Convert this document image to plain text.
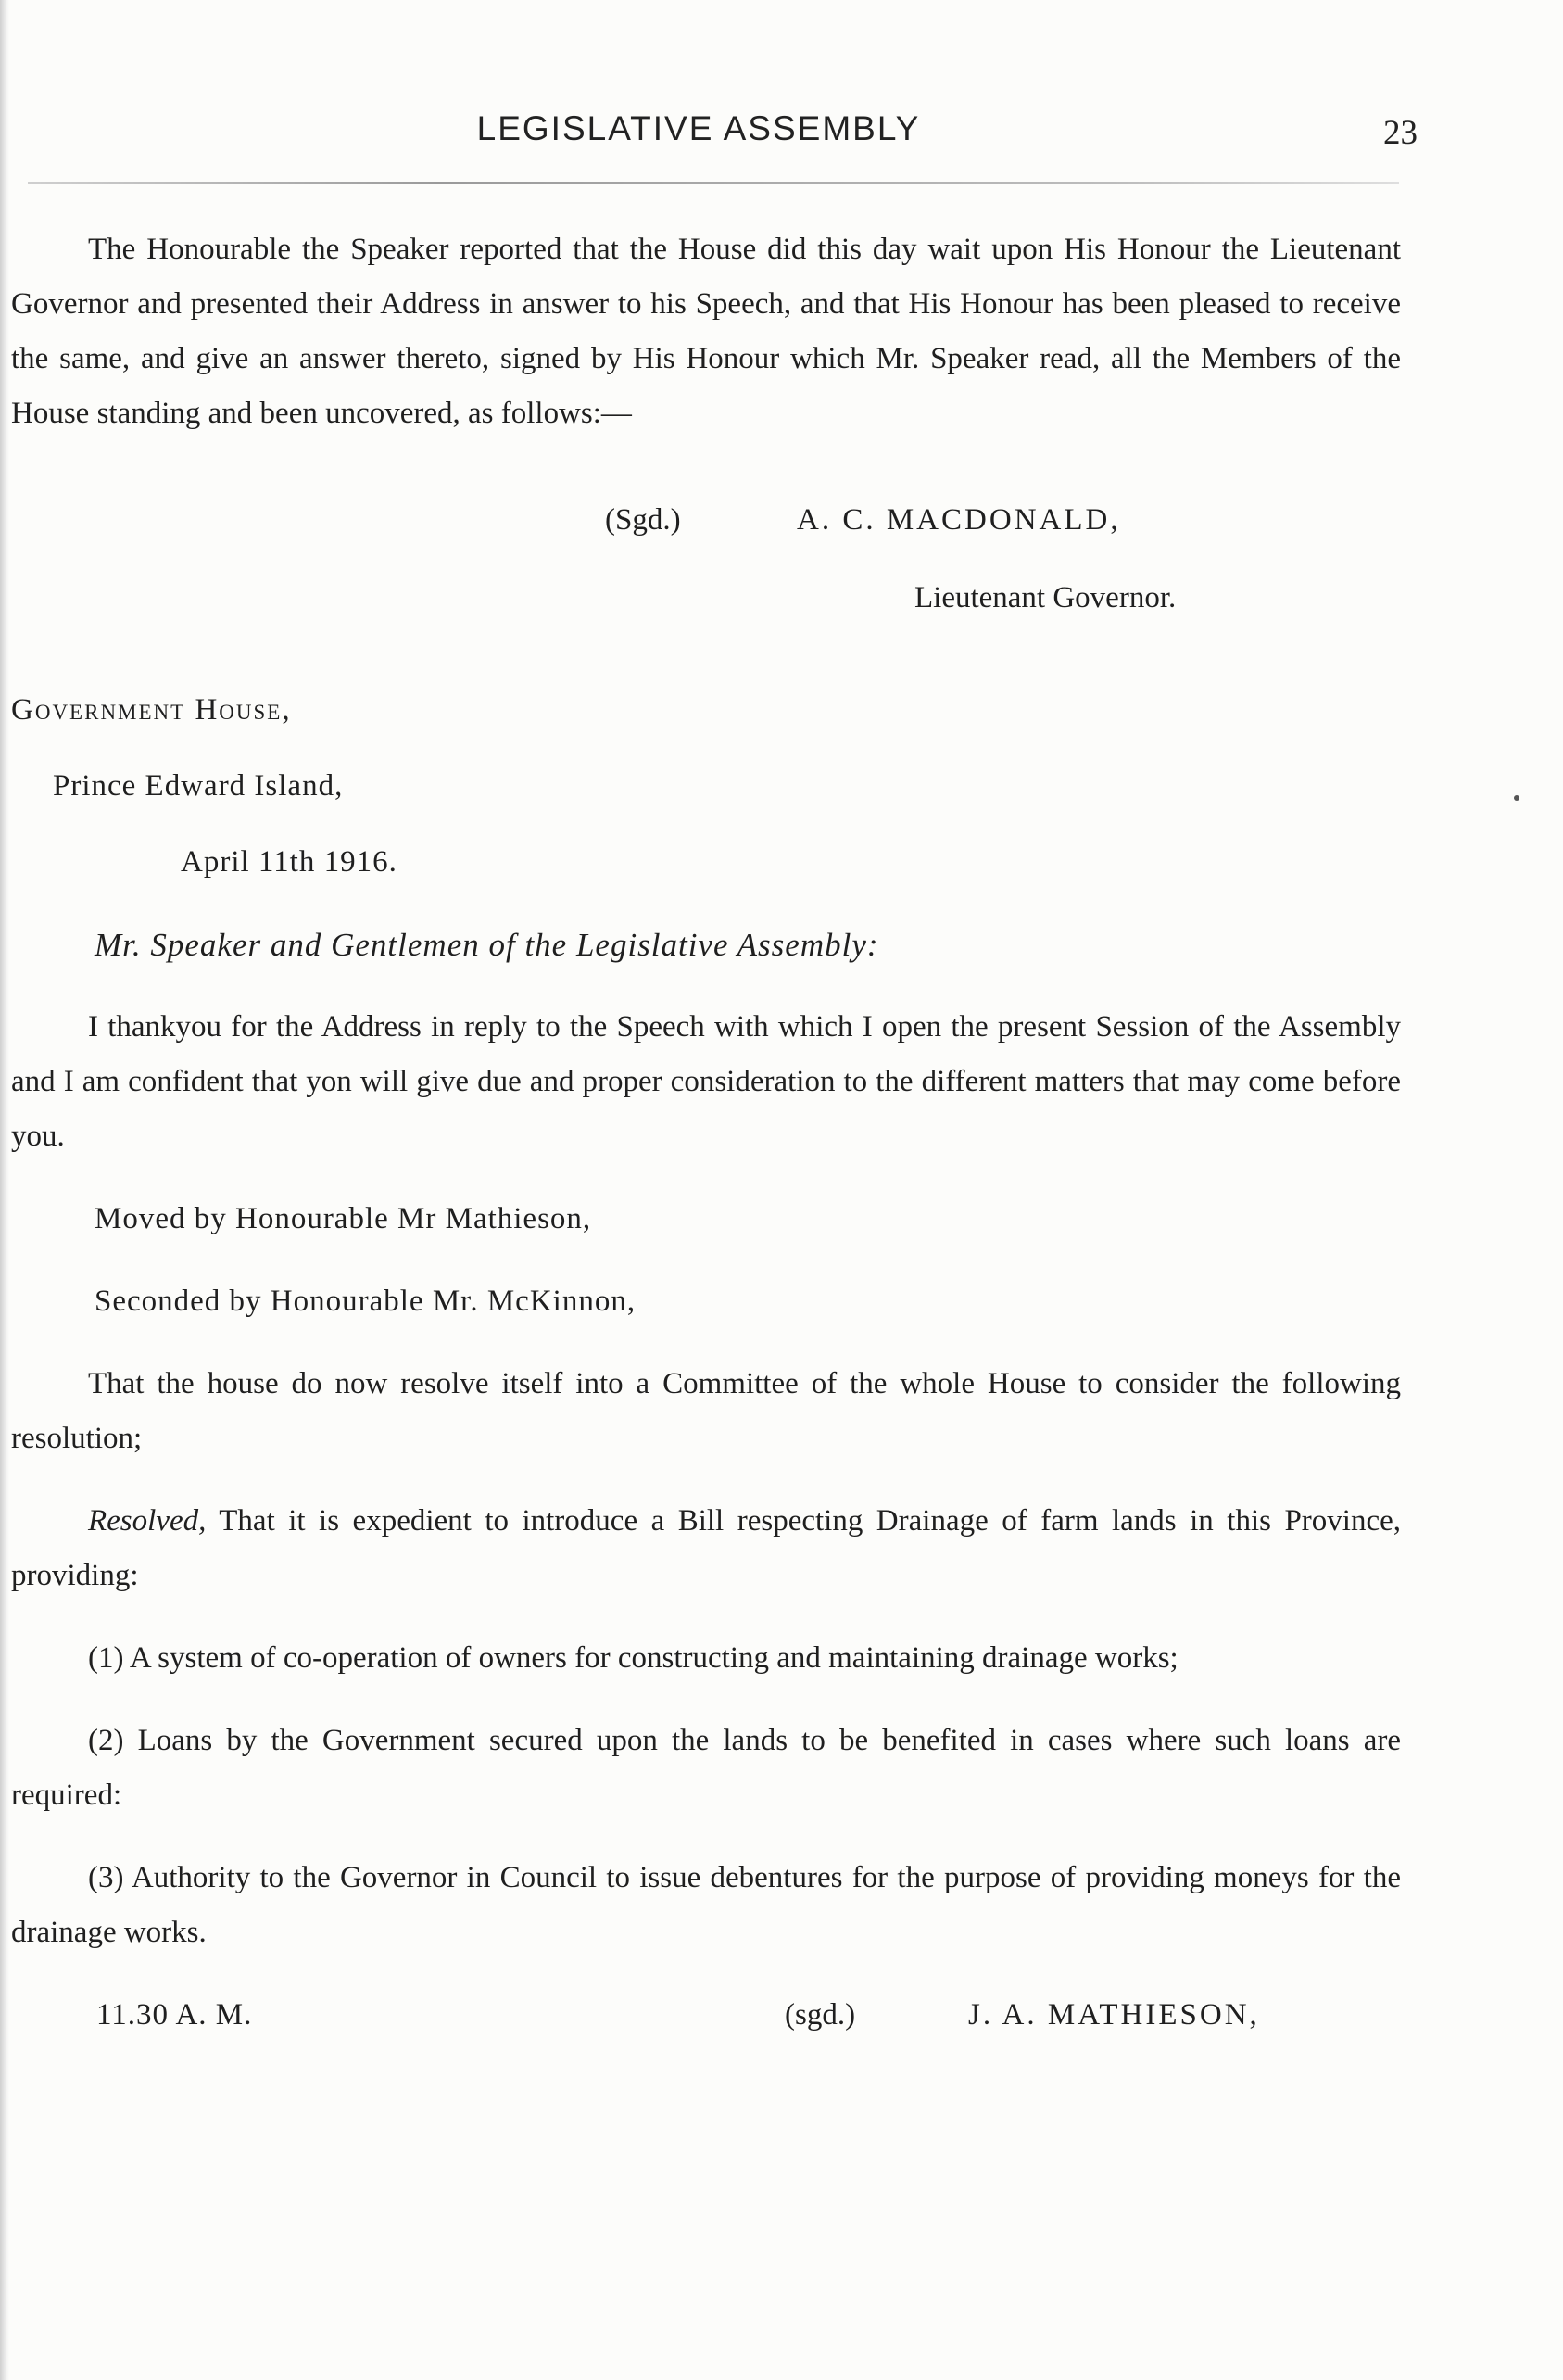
LEGISLATIVE ASSEMBLY	23

The Honourable the Speaker reported that the House did this day wait upon His Honour the Lieutenant Governor and presented their Address in answer to his Speech, and that His Honour has been pleased to receive the same, and give an answer thereto, signed by His Honour which Mr. Speaker read, all the Members of the House standing and been uncovered, as follows:—

(Sgd.)	A. C. MACDONALD,

Lieutenant Governor.

Government House,

Prince Edward Island,

April 11th 1916.

Mr. Speaker and Gentlemen of the Legislative Assembly:

I thankyou for the Address in reply to the Speech with which I open the present Session of the Assembly and I am confident that yon will give due and proper consideration to the different matters that may come before you.

Moved by Honourable Mr Mathieson,

Seconded by Honourable Mr. McKinnon,

That the house do now resolve itself into a Committee of the whole House to consider the following resolution;

Resolved, That it is expedient to introduce a Bill respecting Drainage of farm lands in this Province, providing:

(1) A system of co-operation of owners for constructing and maintaining drainage works;

(2) Loans by the Government secured upon the lands to be benefited in cases where such loans are required:

(3) Authority to the Governor in Council to issue debentures for the purpose of providing moneys for the drainage works.

11.30 A. M.	(sgd.)	J. A. MATHIESON,
